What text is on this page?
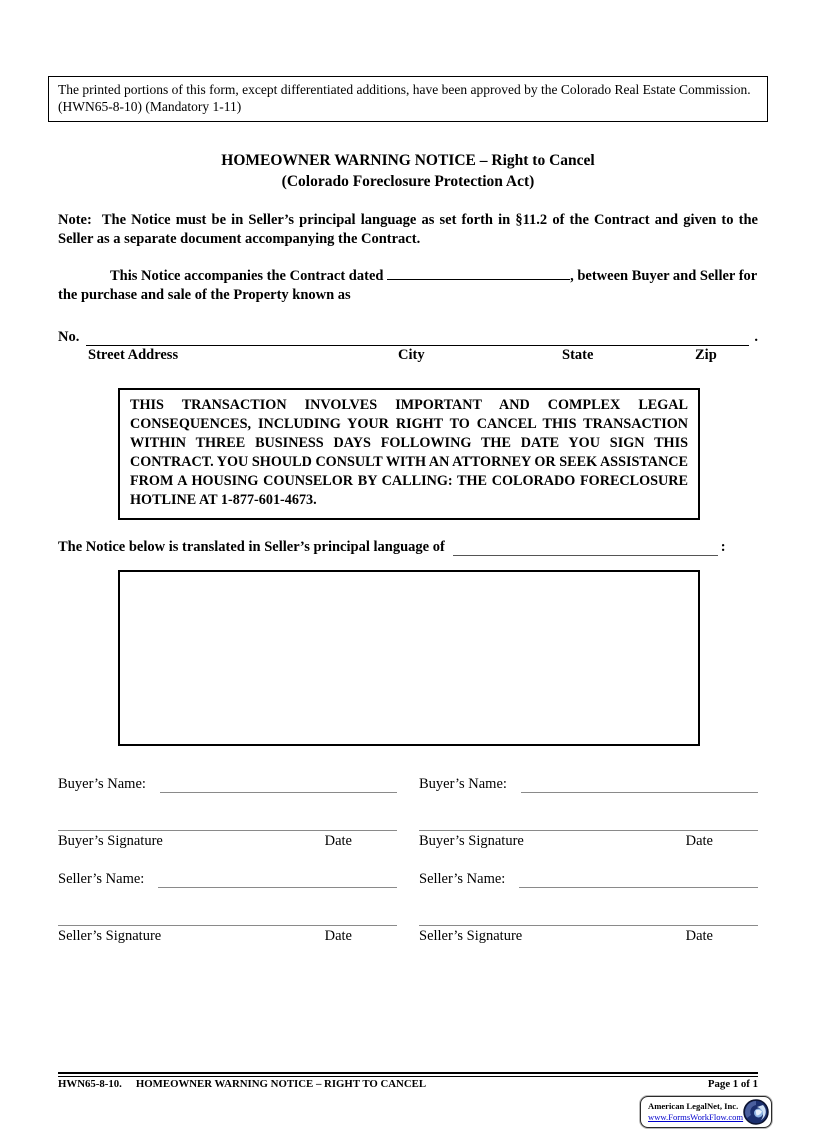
The printed portions of this form, except differentiated additions, have been approved by the Colorado Real Estate Commission. (HWN65-8-10) (Mandatory 1-11)
HOMEOWNER WARNING NOTICE – Right to Cancel
(Colorado Foreclosure Protection Act)

Note:  The Notice must be in Seller’s principal language as set forth in §11.2 of the Contract and given to the Seller as a separate document accompanying the Contract.

This Notice accompanies the Contract dated	, between Buyer and Seller for the purchase and sale of the Property known as

No.	.
Street Address	City	State	Zip
THIS TRANSACTION INVOLVES IMPORTANT AND COMPLEX LEGAL CONSEQUENCES, INCLUDING YOUR RIGHT TO CANCEL THIS TRANSACTION WITHIN THREE BUSINESS DAYS FOLLOWING THE DATE YOU SIGN THIS CONTRACT. YOU SHOULD CONSULT WITH AN ATTORNEY OR SEEK ASSISTANCE FROM A HOUSING COUNSELOR BY CALLING: THE COLORADO FORECLOSURE HOTLINE AT 1-877-601-4673.
The Notice below is translated in Seller’s principal language of	:
Buyer’s Name:
Buyer’s Signature	Date
Buyer’s Name:
Buyer’s Signature	Date
Seller’s Name:
Seller’s Signature	Date
Seller’s Name:
Seller’s Signature	Date
HWN65-8-10. HOMEOWNER WARNING NOTICE – RIGHT TO CANCEL	Page 1 of 1
American LegalNet, Inc.
www.FormsWorkFlow.com
